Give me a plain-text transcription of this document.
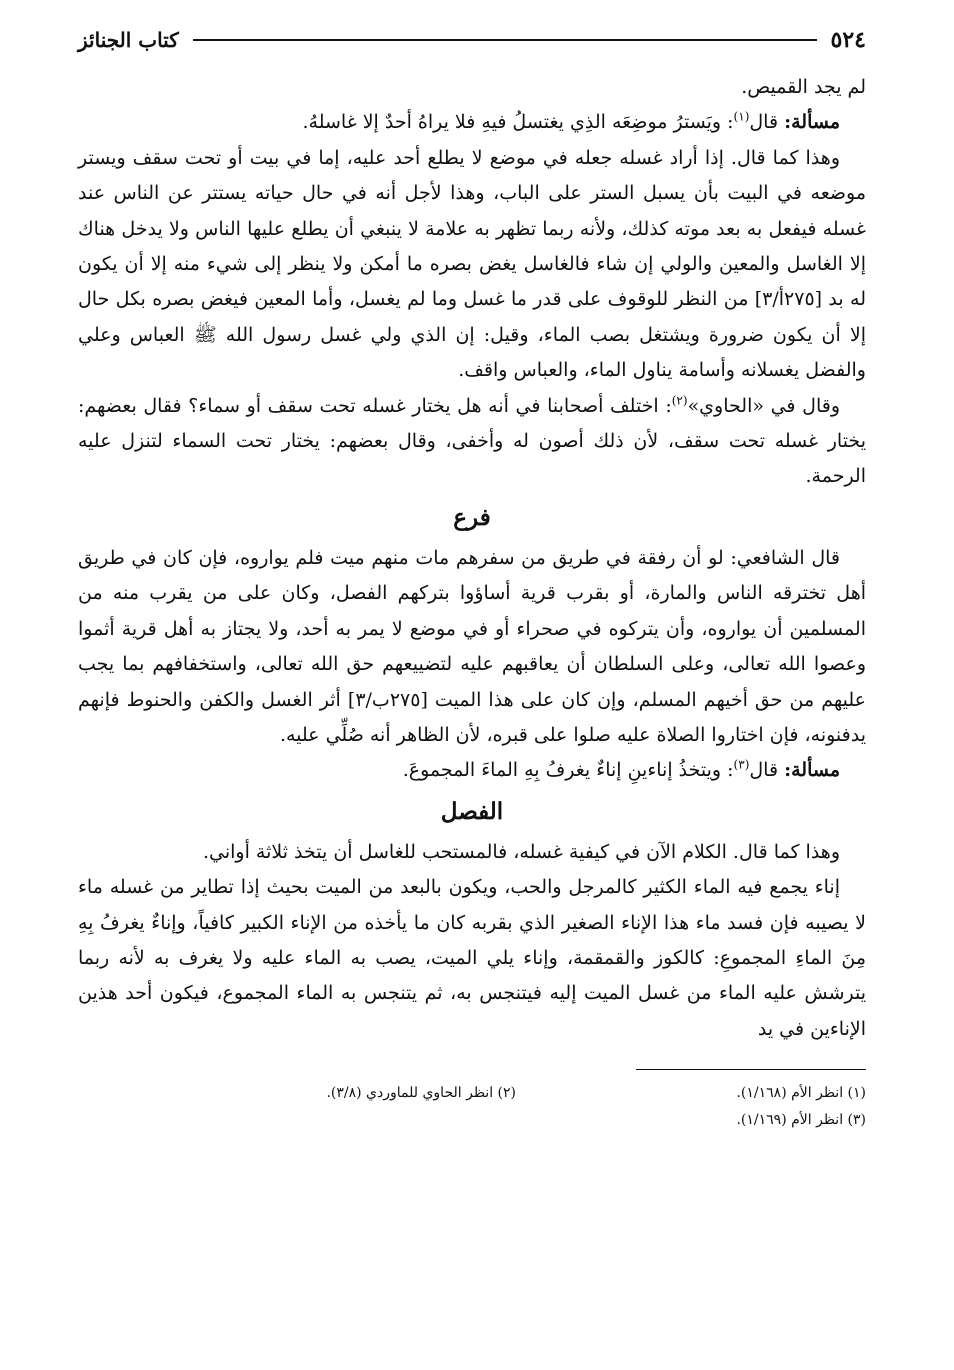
٥٢٤
كتاب الجنائز

لم يجد القميص.

مسألة: قال$^{(١)}$: ويَسترُ موضِعَه الذِي يغتسلُ فيهِ فلا يراهُ أحدٌ إلا غاسلهُ.

وهذا كما قال. إذا أراد غسله جعله في موضع لا يطلع أحد عليه، إما في بيت أو تحت سقف ويستر موضعه في البيت بأن يسبل الستر على الباب، وهذا لأجل أنه في حال حياته يستتر عن الناس عند غسله فيفعل به بعد موته كذلك، ولأنه ربما تظهر به علامة لا ينبغي أن يطلع عليها الناس ولا يدخل هناك إلا الغاسل والمعين والولي إن شاء فالغاسل يغض بصره ما أمكن ولا ينظر إلى شيء منه إلا أن يكون له بد [٢٧٥أ/٣] من النظر للوقوف على قدر ما غسل وما لم يغسل، وأما المعين فيغض بصره بكل حال إلا أن يكون ضرورة ويشتغل بصب الماء، وقيل: إن الذي ولي غسل رسول الله ﷺ العباس وعلي والفضل يغسلانه وأسامة يناول الماء، والعباس واقف.

وقال في «الحاوي»$^{(٢)}$: اختلف أصحابنا في أنه هل يختار غسله تحت سقف أو سماء؟ فقال بعضهم: يختار غسله تحت سقف، لأن ذلك أصون له وأخفى، وقال بعضهم: يختار تحت السماء لتنزل عليه الرحمة.

فرع

قال الشافعي: لو أن رفقة في طريق من سفرهم مات منهم ميت فلم يواروه، فإن كان في طريق أهل تخترقه الناس والمارة، أو بقرب قرية أساؤوا بتركهم الفصل، وكان على من يقرب منه من المسلمين أن يواروه، وأن يتركوه في صحراء أو في موضع لا يمر به أحد، ولا يجتاز به أهل قرية أثموا وعصوا الله تعالى، وعلى السلطان أن يعاقبهم عليه لتضييعهم حق الله تعالى، واستخفافهم بما يجب عليهم من حق أخيهم المسلم، وإن كان على هذا الميت [٢٧٥ب/٣] أثر الغسل والكفن والحنوط فإنهم يدفنونه، فإن اختاروا الصلاة عليه صلوا على قبره، لأن الظاهر أنه صُلِّي عليه.

مسألة: قال$^{(٣)}$: ويتخذُ إناءينِ إناءٌ يغرفُ بِهِ الماءَ المجموعَ.

الفصل

وهذا كما قال. الكلام الآن في كيفية غسله، فالمستحب للغاسل أن يتخذ ثلاثة أواني.

إناء يجمع فيه الماء الكثير كالمرجل والحب، ويكون بالبعد من الميت بحيث إذا تطاير من غسله ماء لا يصيبه فإن فسد ماء هذا الإناء الصغير الذي بقربه كان ما يأخذه من الإناء الكبير كافياً، وإناءٌ يغرفُ بِهِ مِنَ الماءِ المجموعِ: كالكوز والقمقمة، وإناء يلي الميت، يصب به الماء عليه ولا يغرف به لأنه ربما يترشش عليه الماء من غسل الميت إليه فيتنجس به، ثم يتنجس به الماء المجموع، فيكون أحد هذين الإناءين في يد

(١) انظر الأم (١/١٦٨).
(٢) انظر الحاوي للماوردي (٣/٨).
(٣) انظر الأم (١/١٦٩).
